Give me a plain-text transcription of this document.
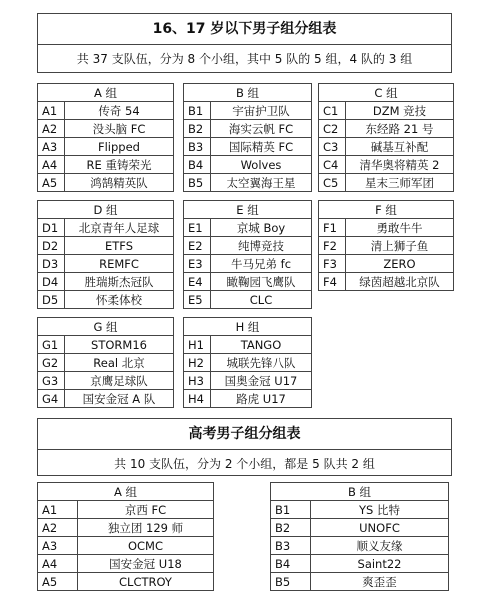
16、17 岁以下男子组分组表
共 37 支队伍，分为 8 个小组，其中 5 队的 5 组，4 队的 3 组
A 组	
A1	传奇 54
A2	没头脑 FC
A3	Flipped
A4	RE 重铸荣光
A5	鸿鹄精英队
B 组	
B1	宇宙护卫队
B2	海实云帆 FC
B3	国际精英 FC
B4	Wolves
B5	太空翼海王星
C 组	
C1	DZM 竞技
C2	东经路 21 号
C3	碱基互补配
C4	清华奥将精英 2
C5	星末三师军团
D 组	
D1	北京青年人足球
D2	ETFS
D3	REMFC
D4	胜瑞斯杰冠队
D5	怀柔体校
E 组	
E1	京城 Boy
E2	纯博竞技
E3	牛马兄弟 fc
E4	瞰鞠园飞鹰队
E5	CLC
F 组	
F1	勇敢牛牛
F2	清上狮子鱼
F3	ZERO
F4	绿茵超越北京队
G 组	
G1	STORM16
G2	Real 北京
G3	京鹰足球队
G4	国安金冠 A 队
H 组	
H1	TANGO
H2	城联先锋八队
H3	国奥金冠 U17
H4	路虎 U17
高考男子组分组表
共 10 支队伍，分为 2 个小组，都是 5 队共 2 组
A 组	
A1	京西 FC
A2	独立团 129 师
A3	OCMC
A4	国安金冠 U18
A5	CLCTROY
B 组	
B1	YS 比特
B2	UNOFC
B3	顺义友缘
B4	Saint22
B5	爽歪歪
